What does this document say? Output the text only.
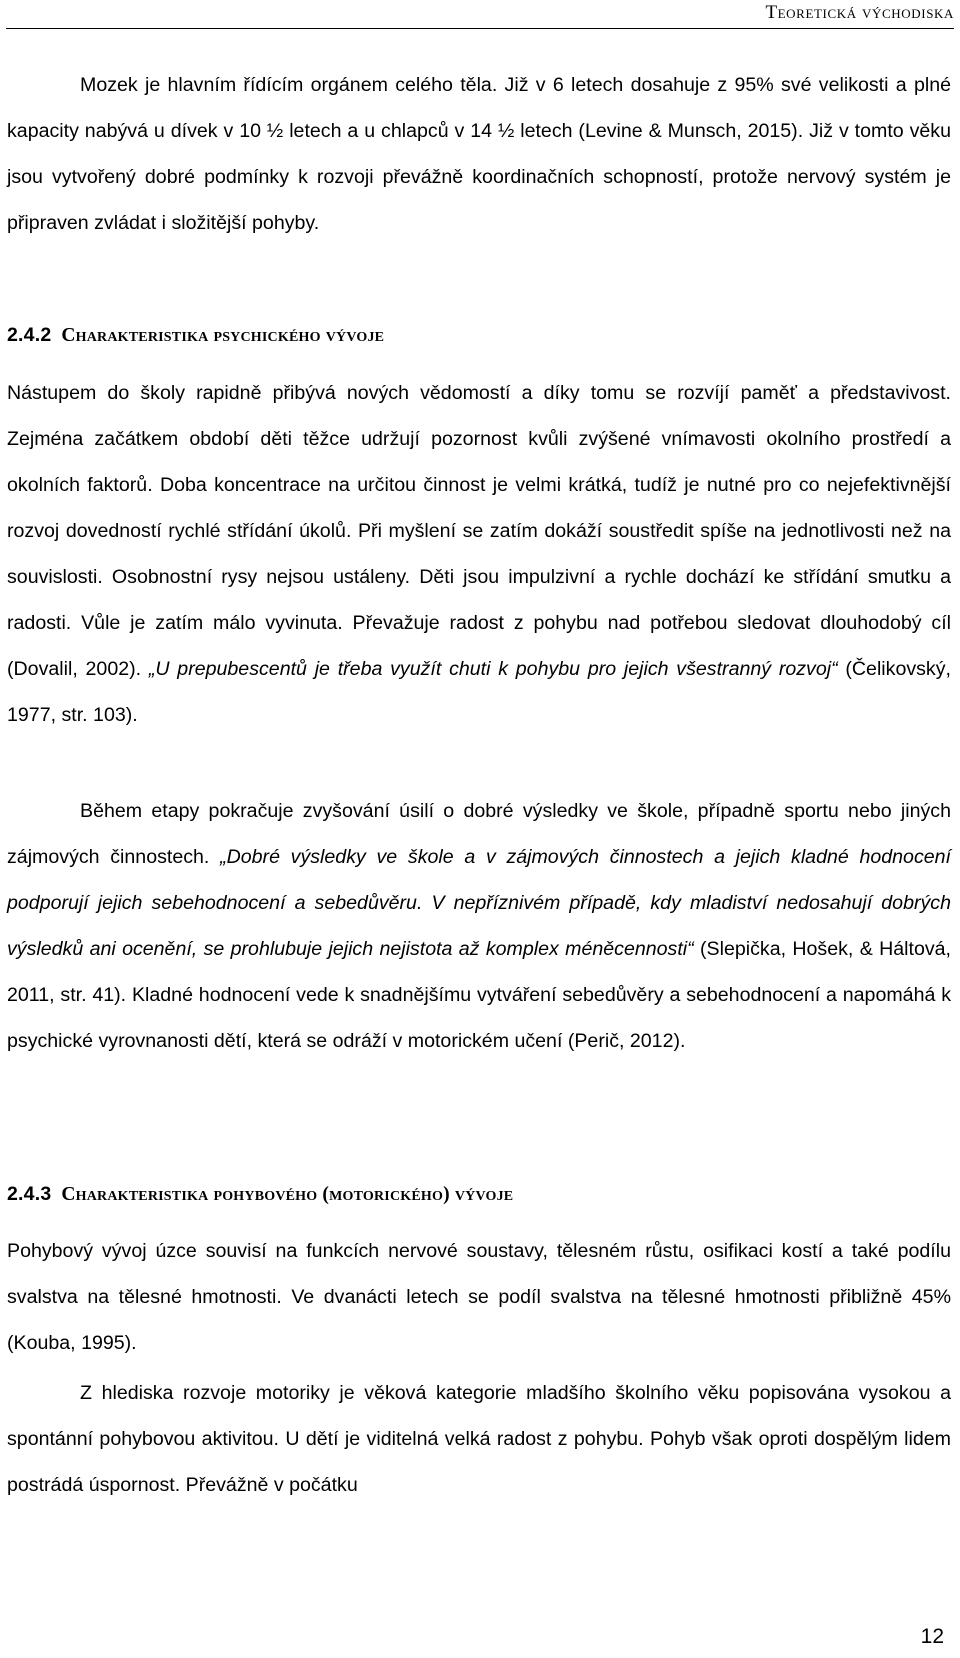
Teoretická východiska

Mozek je hlavním řídícím orgánem celého těla. Již v 6 letech dosahuje z 95% své velikosti a plné kapacity nabývá u dívek v 10 ½ letech a u chlapců v 14 ½ letech (Levine & Munsch, 2015). Již v tomto věku jsou vytvořený dobré podmínky k rozvoji převážně koordinačních schopností, protože nervový systém je připraven zvládat i složitější pohyby.

2.4.2 Charakteristika psychického vývoje

Nástupem do školy rapidně přibývá nových vědomostí a díky tomu se rozvíjí paměť a představivost. Zejména začátkem období děti těžce udržují pozornost kvůli zvýšené vnímavosti okolního prostředí a okolních faktorů. Doba koncentrace na určitou činnost je velmi krátká, tudíž je nutné pro co nejefektivnější rozvoj dovedností rychlé střídání úkolů. Při myšlení se zatím dokáží soustředit spíše na jednotlivosti než na souvislosti. Osobnostní rysy nejsou ustáleny. Děti jsou impulzivní a rychle dochází ke střídání smutku a radosti. Vůle je zatím málo vyvinuta. Převažuje radost z pohybu nad potřebou sledovat dlouhodobý cíl (Dovalil, 2002). „U prepubescentů je třeba využít chuti k pohybu pro jejich všestranný rozvoj“ (Čelikovský, 1977, str. 103).

Během etapy pokračuje zvyšování úsilí o dobré výsledky ve škole, případně sportu nebo jiných zájmových činnostech. „Dobré výsledky ve škole a v zájmových činnostech a jejich kladné hodnocení podporují jejich sebehodnocení a sebedůvěru. V nepříznivém případě, kdy mladiství nedosahují dobrých výsledků ani ocenění, se prohlubuje jejich nejistota až komplex méněcennosti“ (Slepička, Hošek, & Háltová, 2011, str. 41). Kladné hodnocení vede k snadnějšímu vytváření sebedůvěry a sebehodnocení a napomáhá k psychické vyrovnanosti dětí, která se odráží v motorickém učení (Perič, 2012).

2.4.3 Charakteristika pohybového (motorického) vývoje

Pohybový vývoj úzce souvisí na funkcích nervové soustavy, tělesném růstu, osifikaci kostí a také podílu svalstva na tělesné hmotnosti. Ve dvanácti letech se podíl svalstva na tělesné hmotnosti přibližně 45% (Kouba, 1995).

Z hlediska rozvoje motoriky je věková kategorie mladšího školního věku popisována vysokou a spontánní pohybovou aktivitou. U dětí je viditelná velká radost z pohybu. Pohyb však oproti dospělým lidem postrádá úspornost. Převážně v počátku

12
